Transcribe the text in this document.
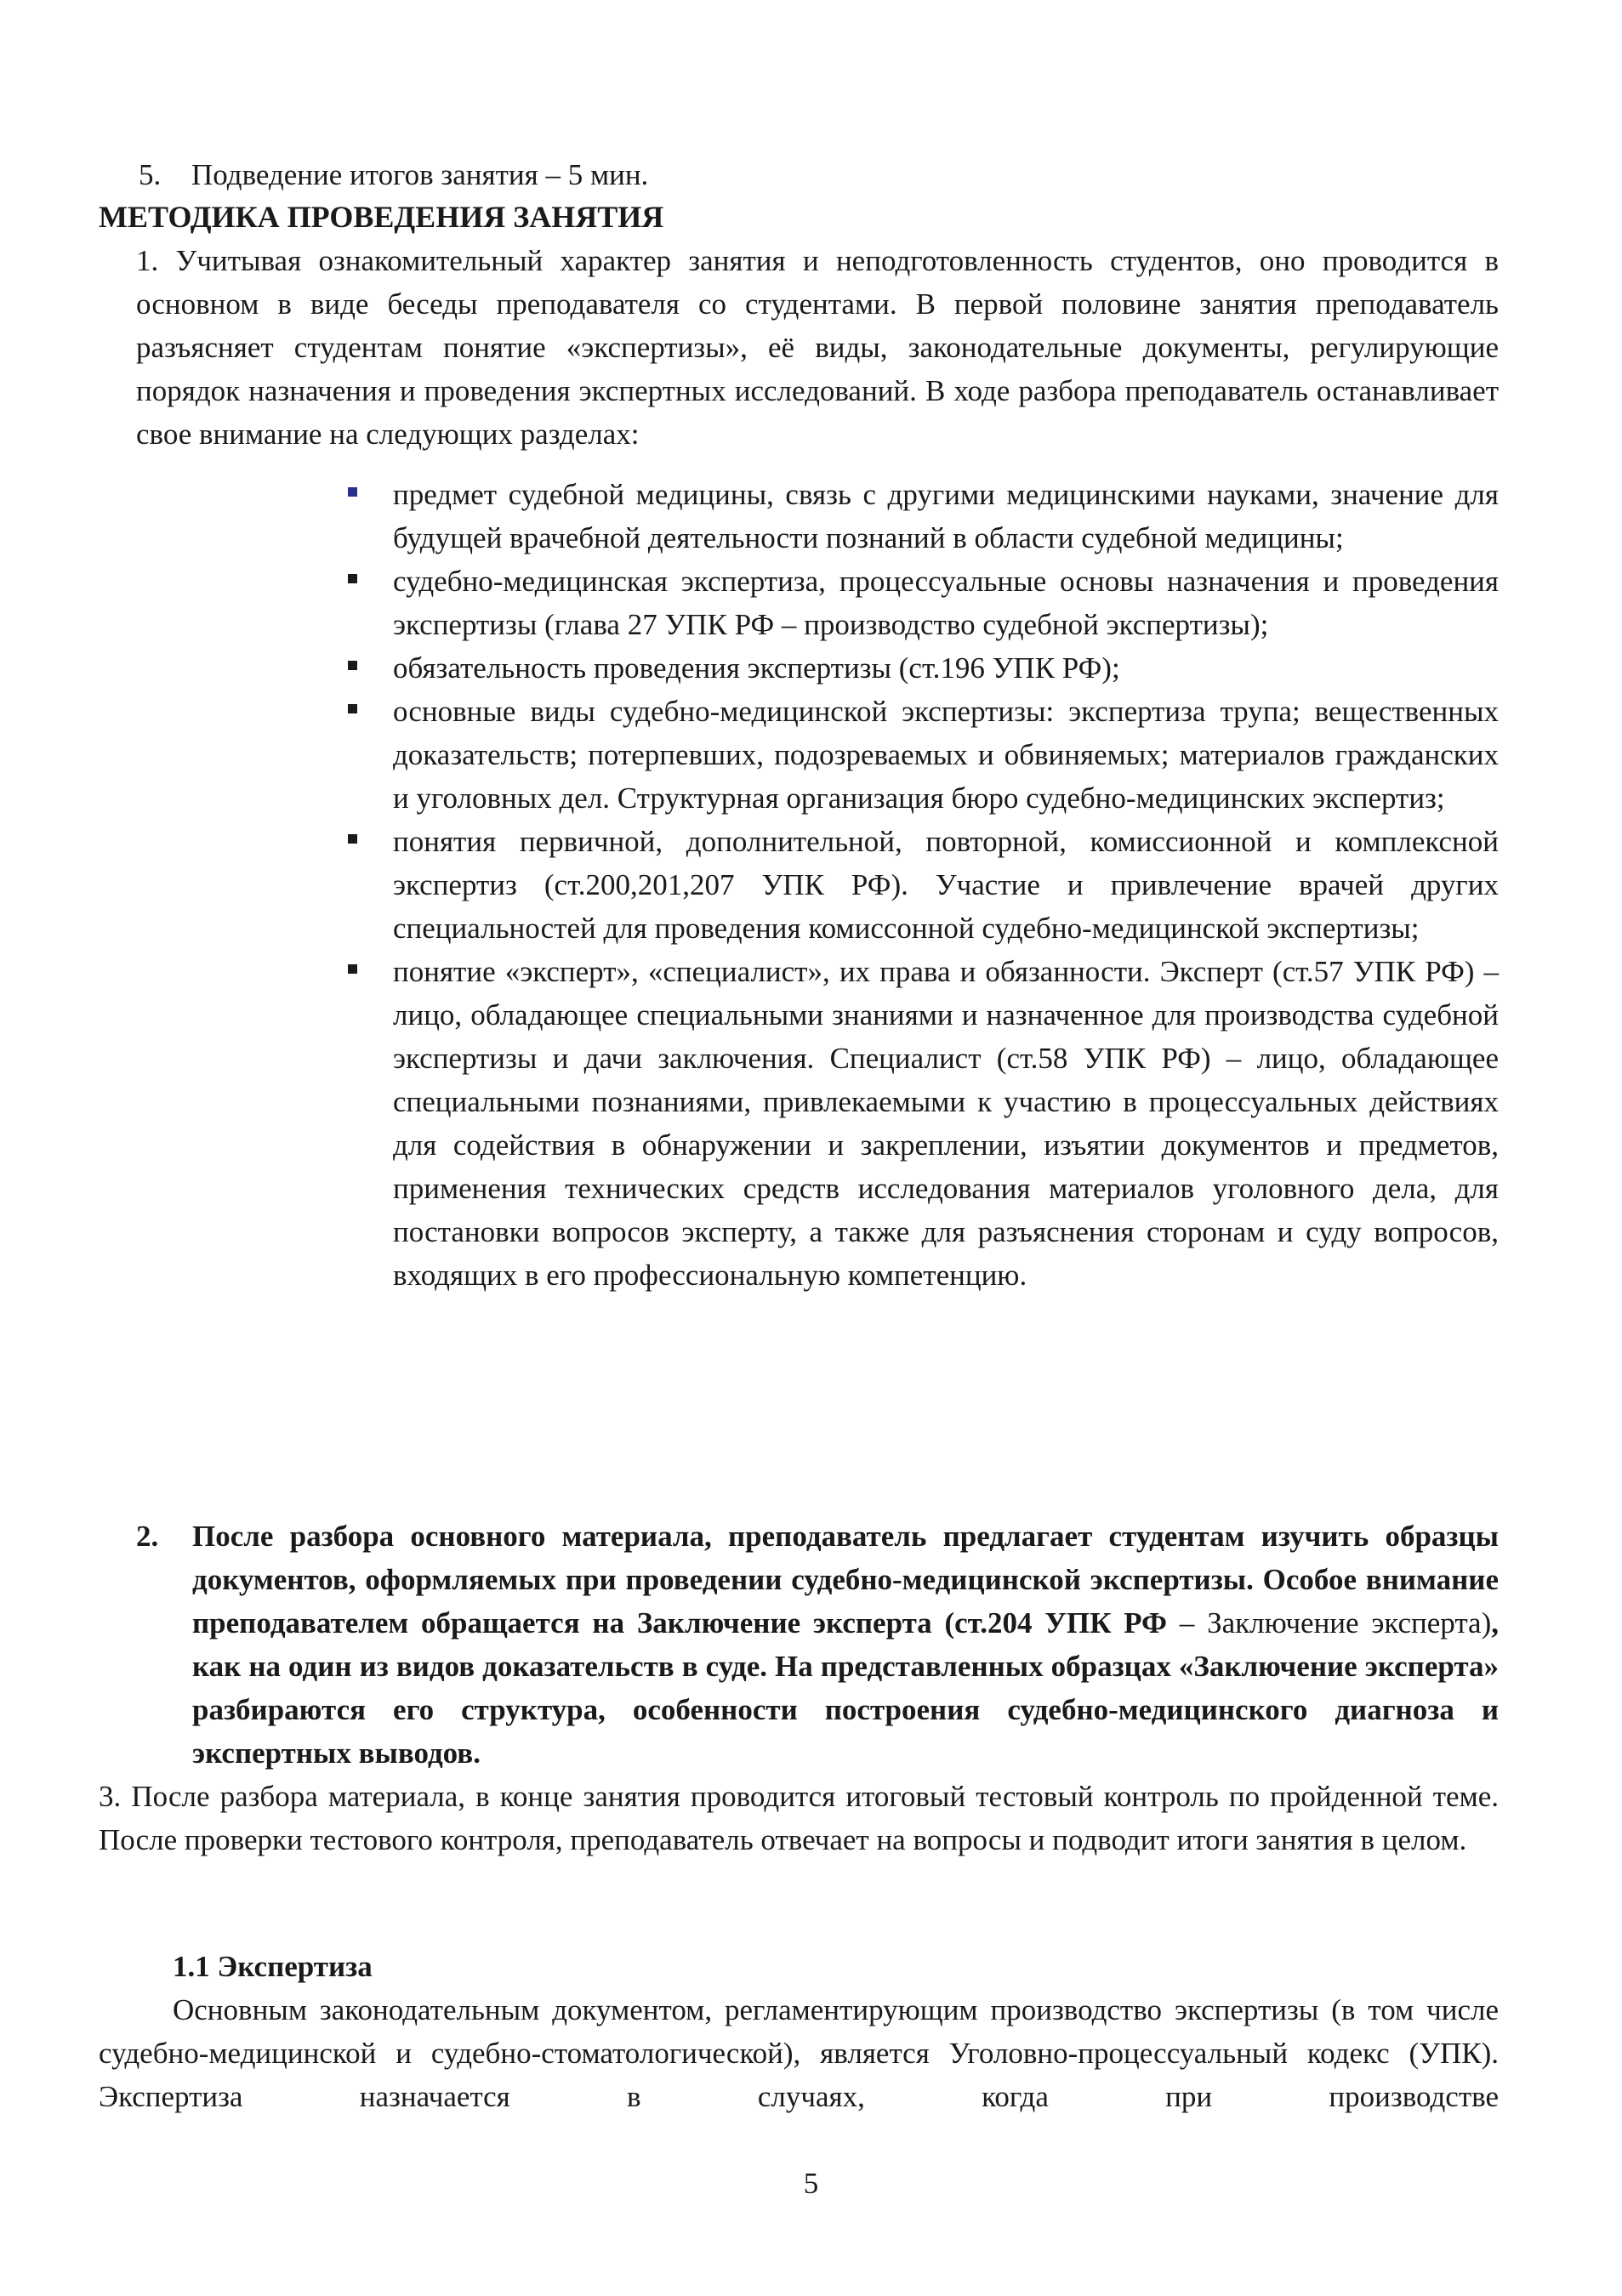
5. Подведение итогов занятия – 5 мин.

МЕТОДИКА ПРОВЕДЕНИЯ ЗАНЯТИЯ

1. Учитывая ознакомительный характер занятия и неподготовленность студентов, оно проводится в основном в виде беседы преподавателя со студентами. В первой половине занятия преподаватель разъясняет студентам понятие «экспертизы», её виды, законодательные документы, регулирующие порядок назначения и проведения экспертных исследований. В ходе разбора преподаватель останавливает свое внимание на следующих разделах:

предмет судебной медицины, связь с другими медицинскими науками, значение для будущей врачебной деятельности познаний в области судебной медицины;
судебно-медицинская экспертиза, процессуальные основы назначения и проведения экспертизы (глава 27 УПК РФ – производство судебной экспертизы);
обязательность проведения экспертизы (ст.196 УПК РФ);
основные виды судебно-медицинской экспертизы: экспертиза трупа; вещественных доказательств; потерпевших, подозреваемых и обвиняемых; материалов гражданских и уголовных дел. Структурная организация бюро судебно-медицинских экспертиз;
понятия первичной, дополнительной, повторной, комиссионной и комплексной экспертиз (ст.200,201,207 УПК РФ). Участие и привлечение врачей других специальностей для проведения комиссонной судебно-медицинской экспертизы;
понятие «эксперт», «специалист», их права и обязанности. Эксперт (ст.57 УПК РФ) – лицо, обладающее специальными знаниями и назначенное для производства судебной экспертизы и дачи заключения. Специалист (ст.58 УПК РФ) – лицо, обладающее специальными познаниями, привлекаемыми к участию в процессуальных действиях для содействия в обнаружении и закреплении, изъятии документов и предметов, применения технических средств исследования материалов уголовного дела, для постановки вопросов эксперту, а также для разъяснения сторонам и суду вопросов, входящих в его профессиональную компетенцию.
2. После разбора основного материала, преподаватель предлагает студентам изучить образцы документов, оформляемых при проведении судебно-медицинской экспертизы. Особое внимание преподавателем обращается на Заключение эксперта (ст.204 УПК РФ – Заключение эксперта), как на один из видов доказательств в суде. На представленных образцах «Заключение эксперта» разбираются его структура, особенности построения судебно-медицинского диагноза и экспертных выводов.

3. После разбора материала, в конце занятия проводится итоговый тестовый контроль по пройденной теме. После проверки тестового контроля, преподаватель отвечает на вопросы и подводит итоги занятия в целом.

1.1 Экспертиза

Основным законодательным документом, регламентирующим производство экспертизы (в том числе судебно-медицинской и судебно-стоматологической), является Уголовно-процессуальный кодекс (УПК). Экспертиза назначается в случаях, когда при производстве

5
